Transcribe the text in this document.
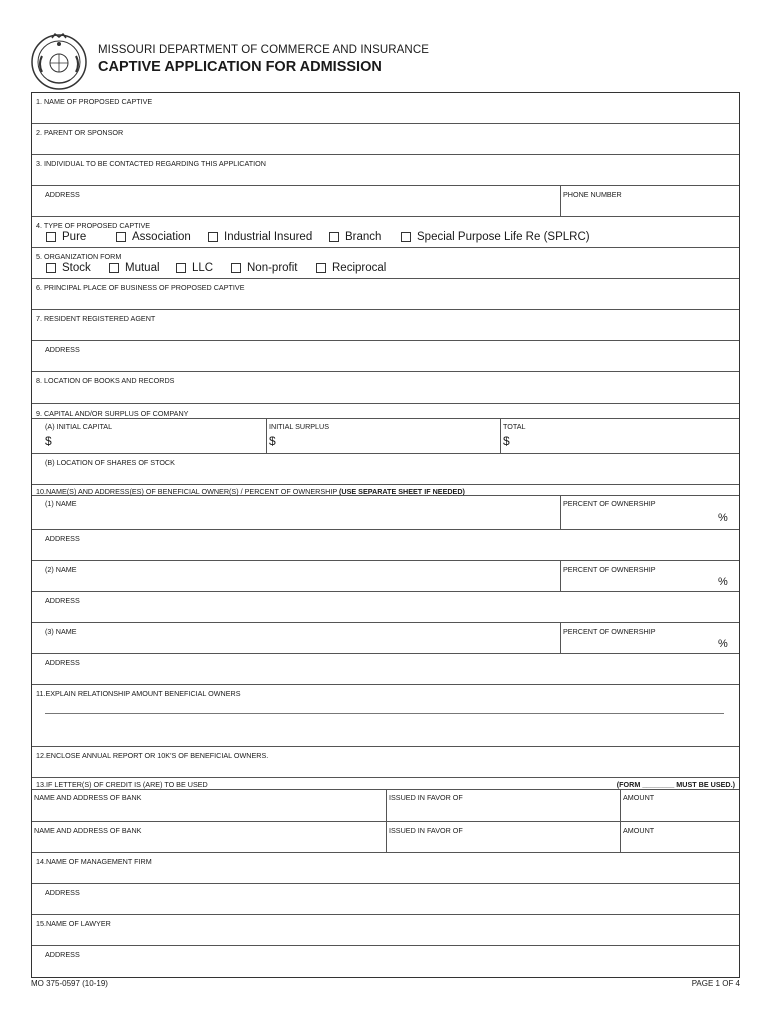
MISSOURI DEPARTMENT OF COMMERCE AND INSURANCE
CAPTIVE APPLICATION FOR ADMISSION
1. NAME OF PROPOSED CAPTIVE
2. PARENT OR SPONSOR
3. INDIVIDUAL TO BE CONTACTED REGARDING THIS APPLICATION
ADDRESS	PHONE NUMBER
4. TYPE OF PROPOSED CAPTIVE
Pure	Association	Industrial Insured	Branch	Special Purpose Life Re (SPLRC)
5. ORGANIZATION FORM
Stock	Mutual	LLC	Non-profit	Reciprocal
6. PRINCIPAL PLACE OF BUSINESS OF PROPOSED CAPTIVE
7. RESIDENT REGISTERED AGENT
ADDRESS
8. LOCATION OF BOOKS AND RECORDS
9. CAPITAL AND/OR SURPLUS OF COMPANY
(A) INITIAL CAPITAL	INITIAL SURPLUS	TOTAL
$	$	$
(B) LOCATION OF SHARES OF STOCK
10.NAME(S) AND ADDRESS(ES) OF BENEFICIAL OWNER(S) / PERCENT OF OWNERSHIP (USE SEPARATE SHEET IF NEEDED)
(1) NAME	PERCENT OF OWNERSHIP
%
ADDRESS
(2) NAME	PERCENT OF OWNERSHIP
%
ADDRESS
(3) NAME	PERCENT OF OWNERSHIP
%
ADDRESS
11.EXPLAIN RELATIONSHIP AMOUNT BENEFICIAL OWNERS
12.ENCLOSE ANNUAL REPORT OR 10K'S OF BENEFICIAL OWNERS.
13.IF LETTER(S) OF CREDIT IS (ARE) TO BE USED	(FORM ________ MUST BE USED.)
NAME AND ADDRESS OF BANK	ISSUED IN FAVOR OF	AMOUNT
NAME AND ADDRESS OF BANK	ISSUED IN FAVOR OF	AMOUNT
14.NAME OF MANAGEMENT FIRM
ADDRESS
15.NAME OF LAWYER
ADDRESS
MO 375-0597 (10-19)	PAGE 1 OF 4
